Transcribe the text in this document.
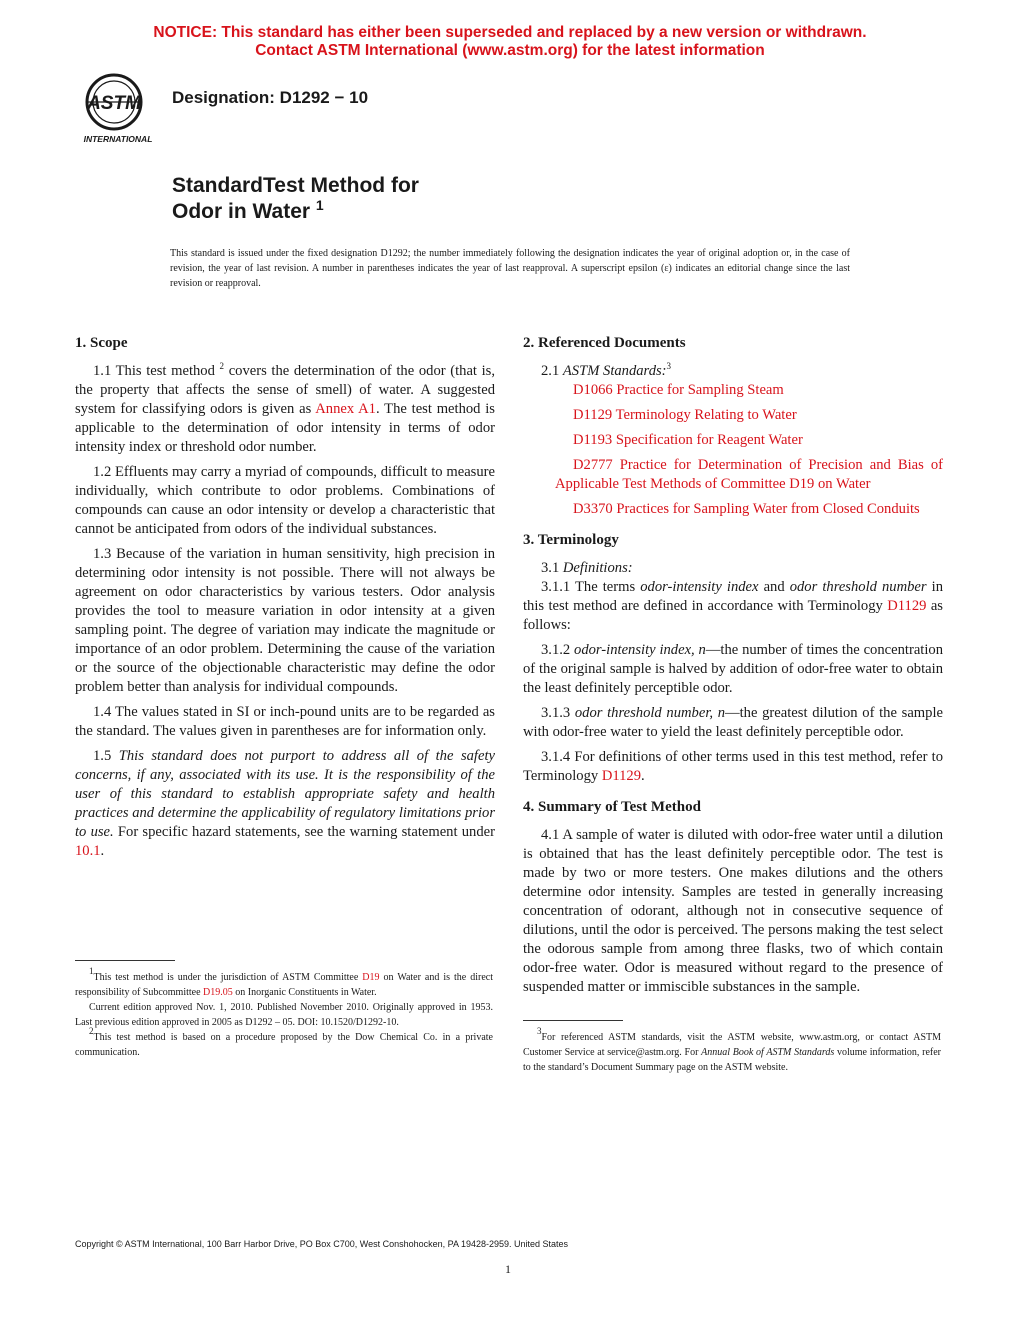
NOTICE: This standard has either been superseded and replaced by a new version or withdrawn.
Contact ASTM International (www.astm.org) for the latest information
ASTM
INTERNATIONAL
Designation: D1292 − 10
StandardTest Method for
Odor in Water $^1$
This standard is issued under the fixed designation D1292; the number immediately following the designation indicates the year of original adoption or, in the case of revision, the year of last revision. A number in parentheses indicates the year of last reapproval. A superscript epsilon (ε) indicates an editorial change since the last revision or reapproval.
1. Scope

1.1 This test method $^2$ covers the determination of the odor (that is, the property that affects the sense of smell) of water. A suggested system for classifying odors is given as Annex A1. The test method is applicable to the determination of odor intensity in terms of odor intensity index or threshold odor number.

1.2 Effluents may carry a myriad of compounds, difficult to measure individually, which contribute to odor problems. Combinations of compounds can cause an odor intensity or develop a characteristic that cannot be anticipated from odors of the individual substances.

1.3 Because of the variation in human sensitivity, high precision in determining odor intensity is not possible. There will not always be agreement on odor characteristics by various testers. Odor analysis provides the tool to measure variation in odor intensity at a given sampling point. The degree of variation may indicate the magnitude or importance of an odor problem. Determining the cause of the variation or the source of the objectionable characteristic may define the odor problem better than analysis for individual compounds.

1.4 The values stated in SI or inch-pound units are to be regarded as the standard. The values given in parentheses are for information only.

1.5 This standard does not purport to address all of the safety concerns, if any, associated with its use. It is the responsibility of the user of this standard to establish appropriate safety and health practices and determine the applicability of regulatory limitations prior to use. For specific hazard statements, see the warning statement under 10.1.

2. Referenced Documents

2.1 ASTM Standards:$^3$

D1066 Practice for Sampling Steam

D1129 Terminology Relating to Water

D1193 Specification for Reagent Water

D2777 Practice for Determination of Precision and Bias of Applicable Test Methods of Committee D19 on Water

D3370 Practices for Sampling Water from Closed Conduits

3. Terminology

3.1 Definitions:

3.1.1 The terms odor-intensity index and odor threshold number in this test method are defined in accordance with Terminology D1129 as follows:

3.1.2 odor-intensity index, n—the number of times the concentration of the original sample is halved by addition of odor-free water to obtain the least definitely perceptible odor.

3.1.3 odor threshold number, n—the greatest dilution of the sample with odor-free water to yield the least definitely perceptible odor.

3.1.4 For definitions of other terms used in this test method, refer to Terminology D1129.

4. Summary of Test Method

4.1 A sample of water is diluted with odor-free water until a dilution is obtained that has the least definitely perceptible odor. The test is made by two or more testers. One makes dilutions and the others determine odor intensity. Samples are tested in generally increasing concentration of odorant, although not in consecutive sequence of dilutions, until the odor is perceived. The persons making the test select the odorous sample from among three flasks, two of which contain odor-free water. Odor is measured without regard to the presence of suspended matter or immiscible substances in the sample.

$^1$This test method is under the jurisdiction of ASTM Committee D19 on Water and is the direct responsibility of Subcommittee D19.05 on Inorganic Constituents in Water.

Current edition approved Nov. 1, 2010. Published November 2010. Originally approved in 1953. Last previous edition approved in 2005 as D1292 – 05. DOI: 10.1520/D1292-10.

$^2$This test method is based on a procedure proposed by the Dow Chemical Co. in a private communication.

$^3$For referenced ASTM standards, visit the ASTM website, www.astm.org, or contact ASTM Customer Service at service@astm.org. For Annual Book of ASTM Standards volume information, refer to the standard’s Document Summary page on the ASTM website.

Copyright © ASTM International, 100 Barr Harbor Drive, PO Box C700, West Conshohocken, PA 19428-2959. United States
1
